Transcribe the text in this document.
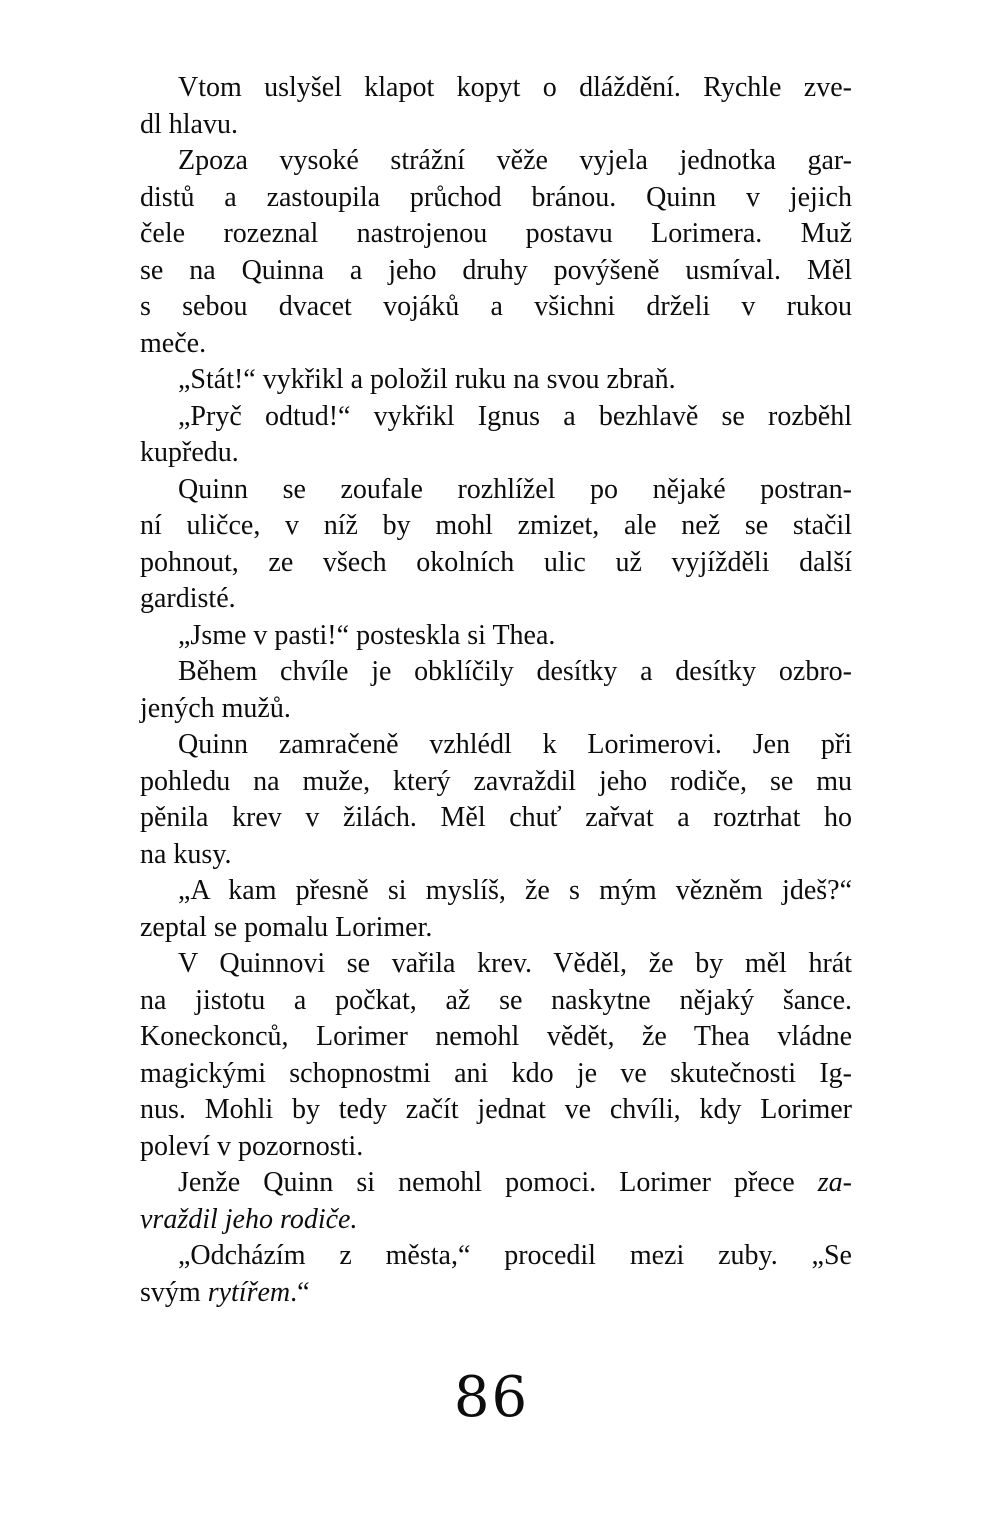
Vtom uslyšel klapot kopyt o dláždění. Rychle zve-
dl hlavu.
Zpoza vysoké strážní věže vyjela jednotka gar-
distů a zastoupila průchod bránou. Quinn v jejich
čele rozeznal nastrojenou postavu Lorimera. Muž
se na Quinna a jeho druhy povýšeně usmíval. Měl
s sebou dvacet vojáků a všichni drželi v rukou
meče.
„Stát!“ vykřikl a položil ruku na svou zbraň.
„Pryč odtud!“ vykřikl Ignus a bezhlavě se rozběhl
kupředu.
Quinn se zoufale rozhlížel po nějaké postran-
ní uličce, v níž by mohl zmizet, ale než se stačil
pohnout, ze všech okolních ulic už vyjížděli další
gardisté.
„Jsme v pasti!“ posteskla si Thea.
Během chvíle je obklíčily desítky a desítky ozbro-
jených mužů.
Quinn zamračeně vzhlédl k Lorimerovi. Jen při
pohledu na muže, který zavraždil jeho rodiče, se mu
pěnila krev v žilách. Měl chuť zařvat a roztrhat ho
na kusy.
„A kam přesně si myslíš, že s mým vězněm jdeš?“
zeptal se pomalu Lorimer.
V Quinnovi se vařila krev. Věděl, že by měl hrát
na jistotu a počkat, až se naskytne nějaký šance.
Koneckonců, Lorimer nemohl vědět, že Thea vládne
magickými schopnostmi ani kdo je ve skutečnosti Ig-
nus. Mohli by tedy začít jednat ve chvíli, kdy Lorimer
poleví v pozornosti.
Jenže Quinn si nemohl pomoci. Lorimer přece za-
vraždil jeho rodiče.
„Odcházím z města,“ procedil mezi zuby. „Se
svým rytířem.“
86
